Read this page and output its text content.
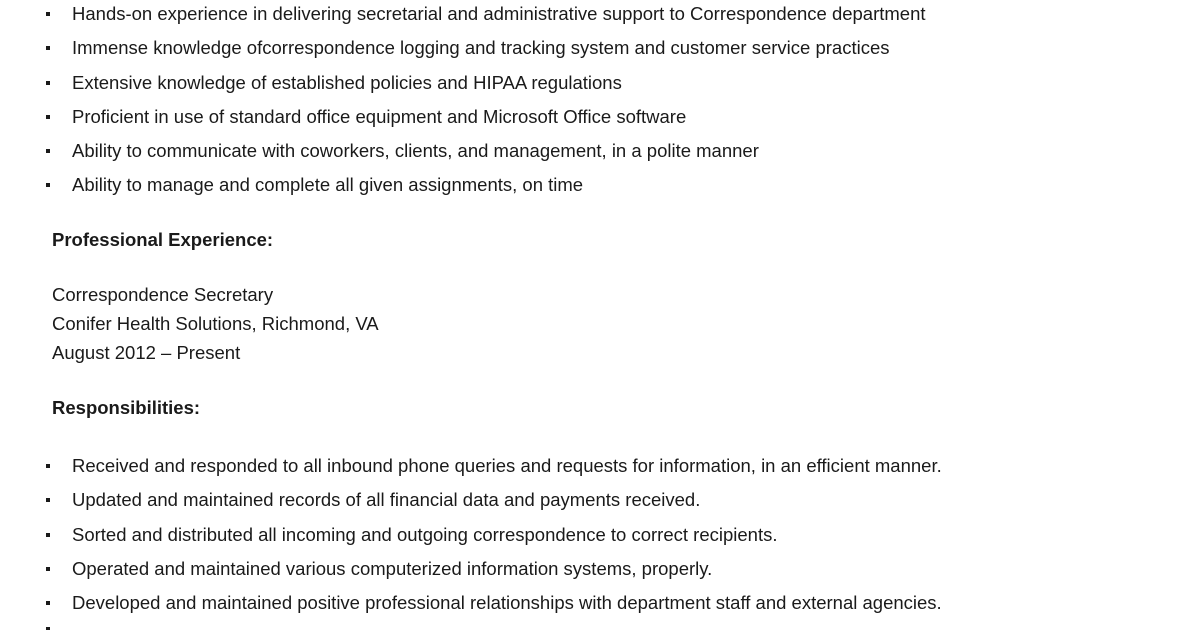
Hands-on experience in delivering secretarial and administrative support to Correspondence department
Immense knowledge ofcorrespondence logging and tracking system and customer service practices
Extensive knowledge of established policies and HIPAA regulations
Proficient in use of standard office equipment and Microsoft Office software
Ability to communicate with coworkers, clients, and management, in a polite manner
Ability to manage and complete all given assignments, on time
Professional Experience:
Correspondence Secretary
Conifer Health Solutions, Richmond, VA
August 2012 – Present
Responsibilities:
Received and responded to all inbound phone queries and requests for information, in an efficient manner.
Updated and maintained records of all financial data and payments received.
Sorted and distributed all incoming and outgoing correspondence to correct recipients.
Operated and maintained various computerized information systems, properly.
Developed and maintained positive professional relationships with department staff and external agencies.
